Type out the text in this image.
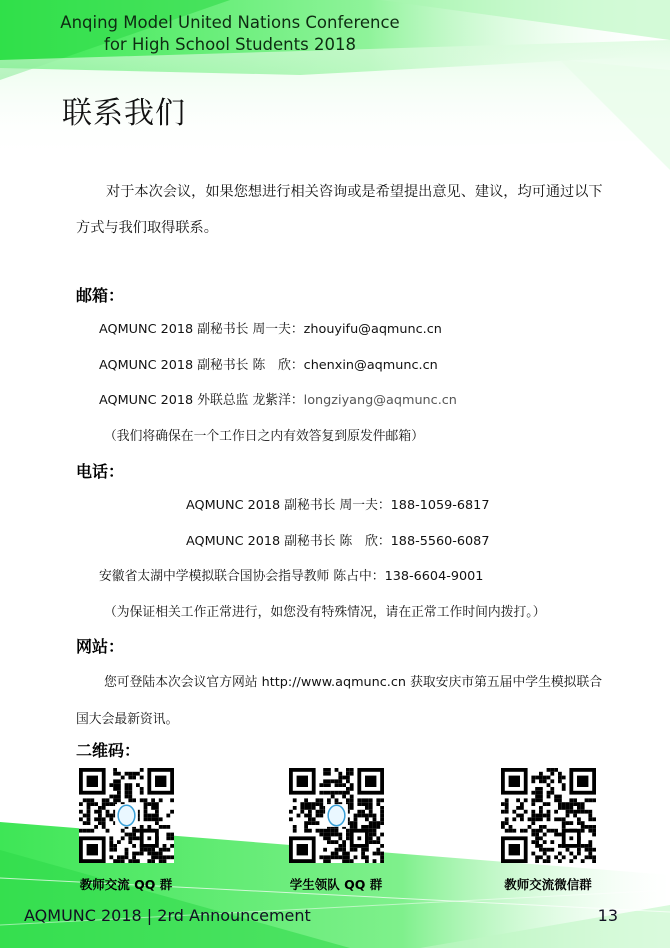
Anqing Model United Nations Conference for High School Students 2018
联系我们
对于本次会议，如果您想进行相关咨询或是希望提出意见、建议，均可通过以下方式与我们取得联系。
邮箱：
AQMUNC 2018 副秘书长 周一夫：zhouyifu@aqmunc.cn
AQMUNC 2018 副秘书长 陈　欣：chenxin@aqmunc.cn
AQMUNC 2018 外联总监 龙紫洋：longziyang@aqmunc.cn
（我们将确保在一个工作日之内有效答复到原发件邮箱）
电话：
AQMUNC 2018 副秘书长 周一夫：188-1059-6817
AQMUNC 2018 副秘书长 陈　欣：188-5560-6087
安徽省太湖中学模拟联合国协会指导教师 陈占中：138-6604-9001
（为保证相关工作正常进行，如您没有特殊情况，请在正常工作时间内拨打。）
网站：
您可登陆本次会议官方网站 http://www.aqmunc.cn 获取安庆市第五届中学生模拟联合国大会最新资讯。
二维码：
教师交流 QQ 群	学生领队 QQ 群	教师交流微信群
AQMUNC 2018 | 2rd Announcement	13
